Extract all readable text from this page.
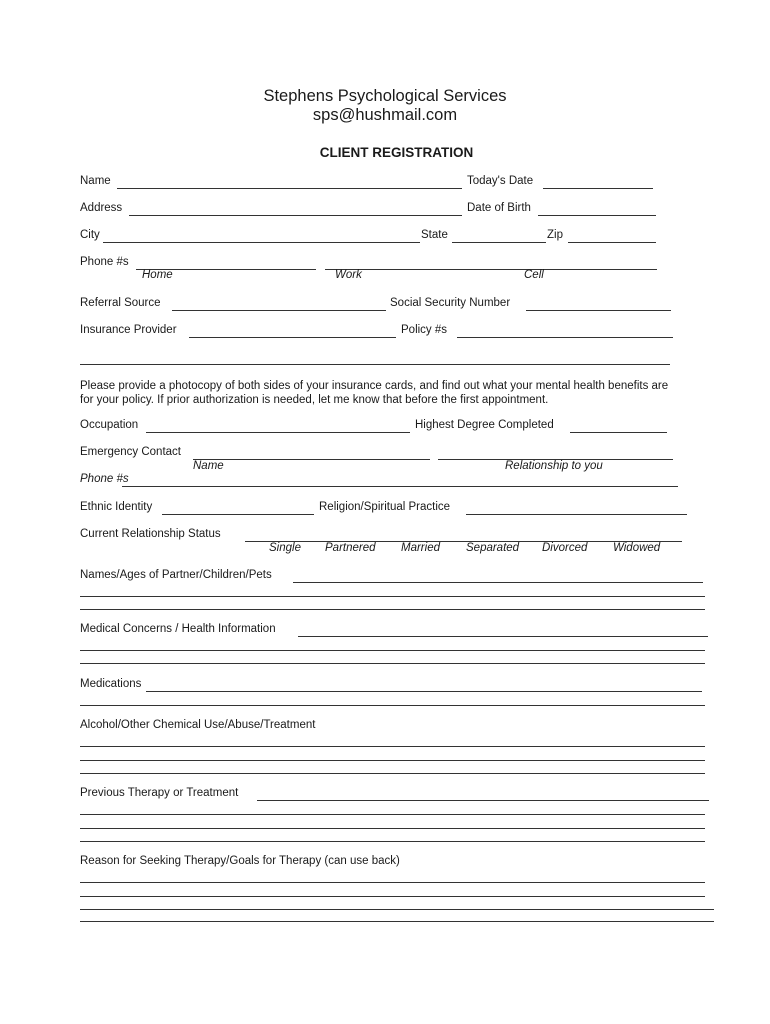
Stephens Psychological Services
sps@hushmail.com
CLIENT REGISTRATION
Name	Today's Date
Address	Date of Birth
City	State	Zip
Phone #s
Home	Work	Cell
Referral Source	Social Security Number
Insurance Provider	Policy #s
Please provide a photocopy of both sides of your insurance cards, and find out what your mental health benefits are for your policy. If prior authorization is needed, let me know that before the first appointment.
Occupation	Highest Degree Completed
Emergency Contact
Name	Relationship to you
Phone #s
Ethnic Identity	Religion/Spiritual Practice
Current Relationship Status
Single Partnered Married Separated Divorced Widowed
Names/Ages of Partner/Children/Pets
Medical Concerns / Health Information
Medications
Alcohol/Other Chemical Use/Abuse/Treatment
Previous Therapy or Treatment
Reason for Seeking Therapy/Goals for Therapy (can use back)
